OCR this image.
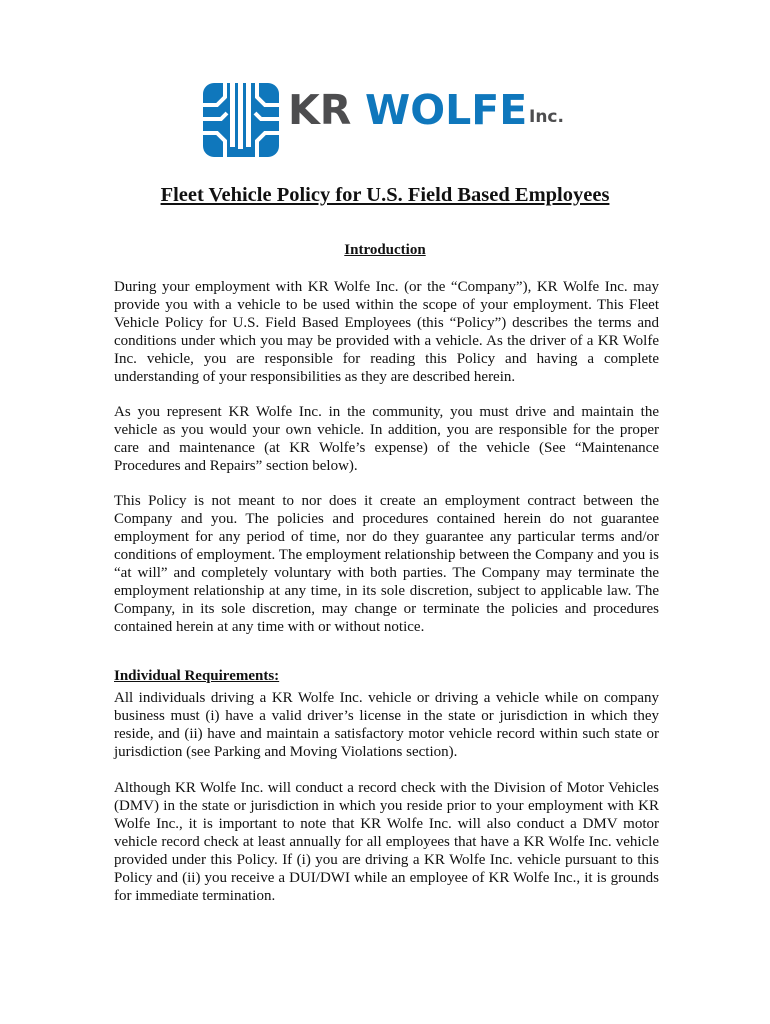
KR WOLFE Inc.
Fleet Vehicle Policy for U.S. Field Based Employees
Introduction

During your employment with KR Wolfe Inc. (or the “Company”), KR Wolfe Inc. may provide you with a vehicle to be used within the scope of your employment. This Fleet Vehicle Policy for U.S. Field Based Employees (this “Policy”) describes the terms and conditions under which you may be provided with a vehicle. As the driver of a KR Wolfe Inc. vehicle, you are responsible for reading this Policy and having a complete understanding of your responsibilities as they are described herein.

As you represent KR Wolfe Inc. in the community, you must drive and maintain the vehicle as you would your own vehicle. In addition, you are responsible for the proper care and maintenance (at KR Wolfe’s expense) of the vehicle (See “Maintenance Procedures and Repairs” section below).

This Policy is not meant to nor does it create an employment contract between the Company and you. The policies and procedures contained herein do not guarantee employment for any period of time, nor do they guarantee any particular terms and/or conditions of employment. The employment relationship between the Company and you is “at will” and completely voluntary with both parties. The Company may terminate the employment relationship at any time, in its sole discretion, subject to applicable law. The Company, in its sole discretion, may change or terminate the policies and procedures contained herein at any time with or without notice.

Individual Requirements:

All individuals driving a KR Wolfe Inc. vehicle or driving a vehicle while on company business must (i) have a valid driver’s license in the state or jurisdiction in which they reside, and (ii) have and maintain a satisfactory motor vehicle record within such state or jurisdiction (see Parking and Moving Violations section).

Although KR Wolfe Inc. will conduct a record check with the Division of Motor Vehicles (DMV) in the state or jurisdiction in which you reside prior to your employment with KR Wolfe Inc., it is important to note that KR Wolfe Inc. will also conduct a DMV motor vehicle record check at least annually for all employees that have a KR Wolfe Inc. vehicle provided under this Policy. If (i) you are driving a KR Wolfe Inc. vehicle pursuant to this Policy and (ii) you receive a DUI/DWI while an employee of KR Wolfe Inc., it is grounds for immediate termination.
